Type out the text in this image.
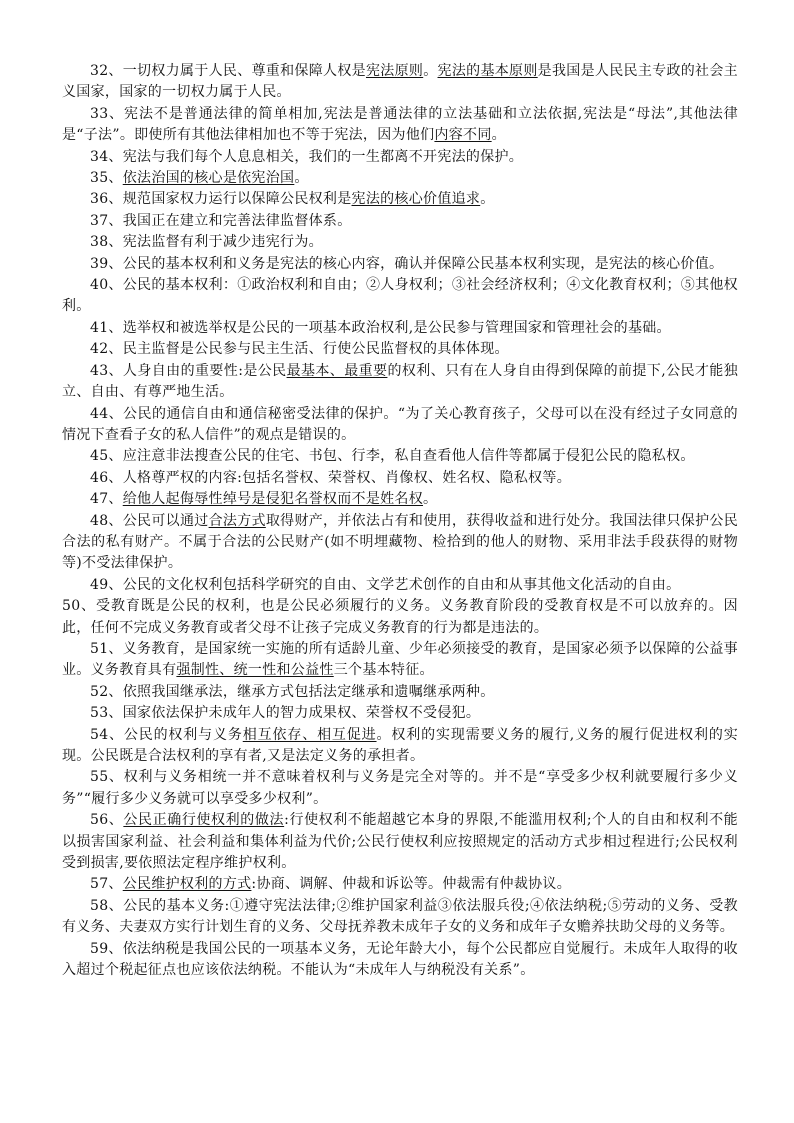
32、一切权力属于人民、尊重和保障人权是宪法原则。宪法的基本原则是我国是人民民主专政的社会主义国家，国家的一切权力属于人民。

33、宪法不是普通法律的简单相加,宪法是普通法律的立法基础和立法依据,宪法是“母法”,其他法律是“子法”。即使所有其他法律相加也不等于宪法，因为他们内容不同。

34、宪法与我们每个人息息相关，我们的一生都离不开宪法的保护。

35、依法治国的核心是依宪治国。

36、规范国家权力运行以保障公民权利是宪法的核心价值追求。

37、我国正在建立和完善法律监督体系。

38、宪法监督有利于减少违宪行为。

39、公民的基本权利和义务是宪法的核心内容，确认并保障公民基本权利实现，是宪法的核心价值。

40、公民的基本权利：①政治权利和自由；②人身权利；③社会经济权利；④文化教育权利；⑤其他权利。

41、选举权和被选举权是公民的一项基本政治权利,是公民参与管理国家和管理社会的基础。

42、民主监督是公民参与民主生活、行使公民监督权的具体体现。

43、人身自由的重要性:是公民最基本、最重要的权利、只有在人身自由得到保障的前提下,公民才能独立、自由、有尊严地生活。

44、公民的通信自由和通信秘密受法律的保护。“为了关心教育孩子，父母可以在没有经过子女同意的情况下查看子女的私人信件”的观点是错误的。

45、应注意非法搜查公民的住宅、书包、行李，私自查看他人信件等都属于侵犯公民的隐私权。

46、人格尊严权的内容:包括名誉权、荣誉权、肖像权、姓名权、隐私权等。

47、给他人起侮辱性绰号是侵犯名誉权而不是姓名权。

48、公民可以通过合法方式取得财产，并依法占有和使用，获得收益和进行处分。我国法律只保护公民合法的私有财产。不属于合法的公民财产(如不明埋藏物、检拾到的他人的财物、采用非法手段获得的财物等)不受法律保护。

49、公民的文化权利包括科学研究的自由、文学艺术创作的自由和从事其他文化活动的自由。

50、受教育既是公民的权利，也是公民必须履行的义务。义务教育阶段的受教育权是不可以放弃的。因此，任何不完成义务教育或者父母不让孩子完成义务教育的行为都是违法的。

51、义务教育，是国家统一实施的所有适龄儿童、少年必须接受的教育，是国家必须予以保障的公益事业。义务教育具有强制性、统一性和公益性三个基本特征。

52、依照我国继承法，继承方式包括法定继承和遗嘱继承两种。

53、国家依法保护未成年人的智力成果权、荣誉权不受侵犯。

54、公民的权利与义务相互依存、相互促进。权利的实现需要义务的履行,义务的履行促进权利的实现。公民既是合法权利的享有者,又是法定义务的承担者。

55、权利与义务相统一并不意味着权利与义务是完全对等的。并不是“享受多少权利就要履行多少义务”“履行多少义务就可以享受多少权利”。

56、公民正确行使权利的做法:行使权利不能超越它本身的界限,不能滥用权利;个人的自由和权利不能以损害国家利益、社会利益和集体利益为代价;公民行使权利应按照规定的活动方式步相过程进行;公民权利受到损害,要依照法定程序维护权利。

57、公民维护权利的方式:协商、调解、仲裁和诉讼等。仲裁需有仲裁协议。

58、公民的基本义务:①遵守宪法法律;②维护国家利益③依法服兵役;④依法纳税;⑤劳动的义务、受教有义务、夫妻双方实行计划生育的义务、父母抚养教未成年子女的义务和成年子女赡养扶助父母的义务等。

59、依法纳税是我国公民的一项基本义务，无论年龄大小，每个公民都应自觉履行。未成年人取得的收入超过个税起征点也应该依法纳税。不能认为“未成年人与纳税没有关系”。
